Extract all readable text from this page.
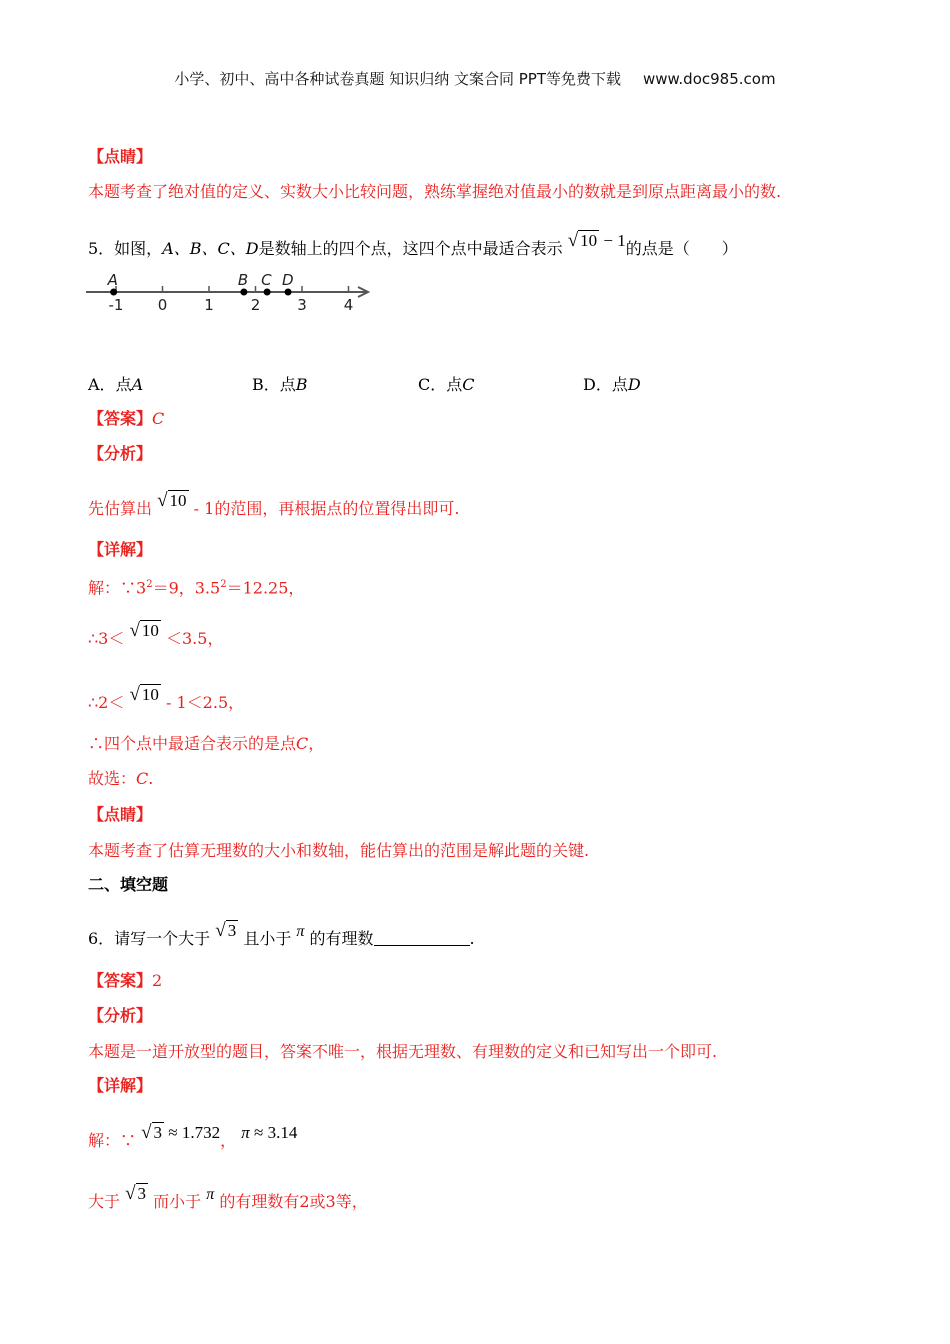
小学、初中、高中各种试卷真题 知识归纳 文案合同 PPT等免费下载 www.doc985.com
【点睛】
本题考查了绝对值的定义、实数大小比较问题，熟练掌握绝对值最小的数就是到原点距离最小的数.
5．如图，A、B、C、D是数轴上的四个点，这四个点中最适合表示 √ 10 − 1的点是（　　）
-1 0 1 2 3 4
A	B C D
A．点A	B．点B	C．点C	D．点D
【答案】C
【分析】
先估算出 √ 10 - 1的范围，再根据点的位置得出即可.
【详解】
解：$\because 3^2=9$，$3.5^2=12.25$，
∴3＜ √ 10 ＜3.5，
∴2＜ √ 10 - 1＜2.5，
∴四个点中最适合表示的是点C，
故选：C.
【点睛】
本题考查了估算无理数的大小和数轴，能估算出的范围是解此题的关键.
二、填空题
6．请写一个大于 √ 3 且小于 π 的有理数	.
【答案】2
【分析】
本题是一道开放型的题目，答案不唯一，根据无理数、有理数的定义和已知写出一个即可.
【详解】
解：∵ √ 3 ≈ 1.732， π ≈ 3.14
大于 √ 3 而小于 π 的有理数有2或3等，
